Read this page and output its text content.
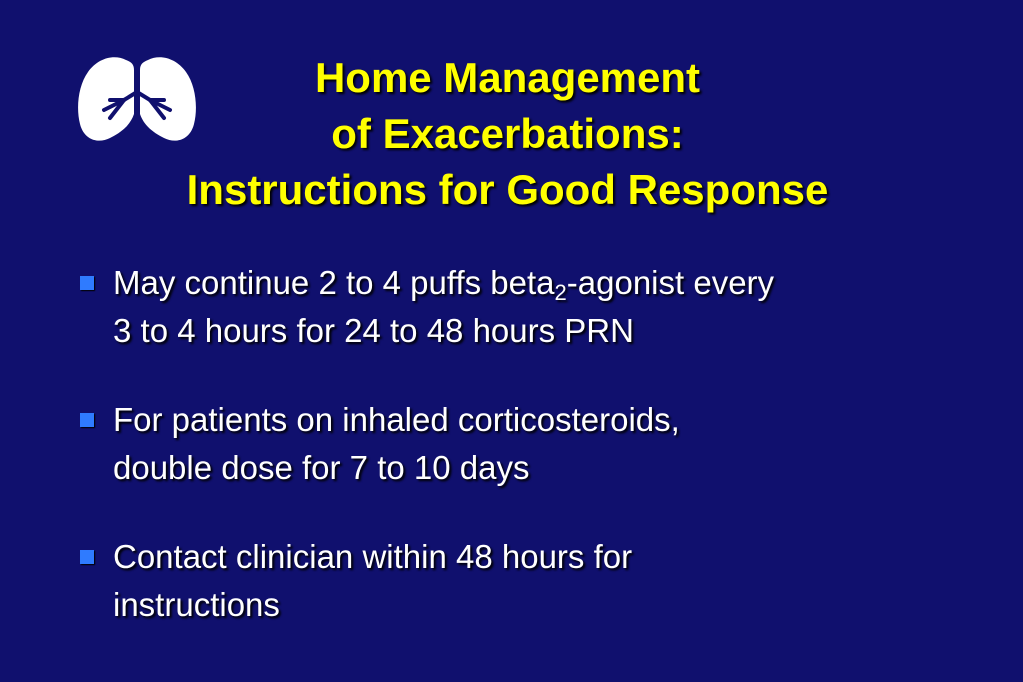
Home Management
of Exacerbations:
Instructions for Good Response
May continue 2 to 4 puffs beta$_2$-agonist every
3 to 4 hours for 24 to 48 hours PRN
For patients on inhaled corticosteroids,
double dose for 7 to 10 days
Contact clinician within 48 hours for
instructions
